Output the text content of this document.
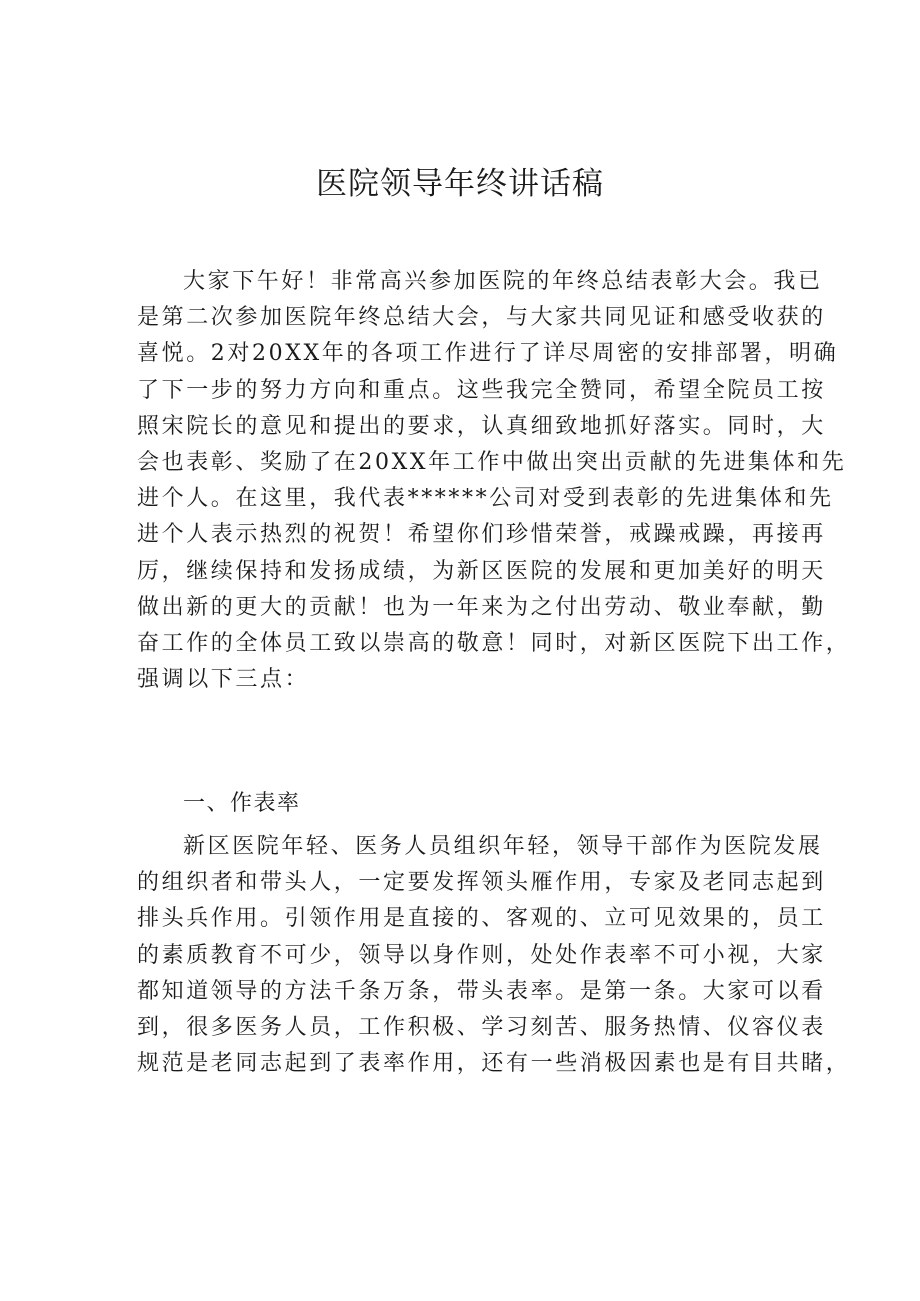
医院领导年终讲话稿
大家下午好！非常高兴参加医院的年终总结表彰大会。我已
是第二次参加医院年终总结大会，与大家共同见证和感受收获的
喜悦。2对20XX年的各项工作进行了详尽周密的安排部署，明确
了下一步的努力方向和重点。这些我完全赞同，希望全院员工按
照宋院长的意见和提出的要求，认真细致地抓好落实。同时，大
会也表彰、奖励了在20XX年工作中做出突出贡献的先进集体和先
进个人。在这里，我代表******公司对受到表彰的先进集体和先
进个人表示热烈的祝贺！希望你们珍惜荣誉，戒躁戒躁，再接再
厉，继续保持和发扬成绩，为新区医院的发展和更加美好的明天
做出新的更大的贡献！也为一年来为之付出劳动、敬业奉献，勤
奋工作的全体员工致以崇高的敬意！同时，对新区医院下出工作，
强调以下三点：
一、作表率
新区医院年轻、医务人员组织年轻，领导干部作为医院发展
的组织者和带头人，一定要发挥领头雁作用，专家及老同志起到
排头兵作用。引领作用是直接的、客观的、立可见效果的，员工
的素质教育不可少，领导以身作则，处处作表率不可小视，大家
都知道领导的方法千条万条，带头表率。是第一条。大家可以看
到，很多医务人员，工作积极、学习刻苦、服务热情、仪容仪表
规范是老同志起到了表率作用，还有一些消极因素也是有目共睹，
